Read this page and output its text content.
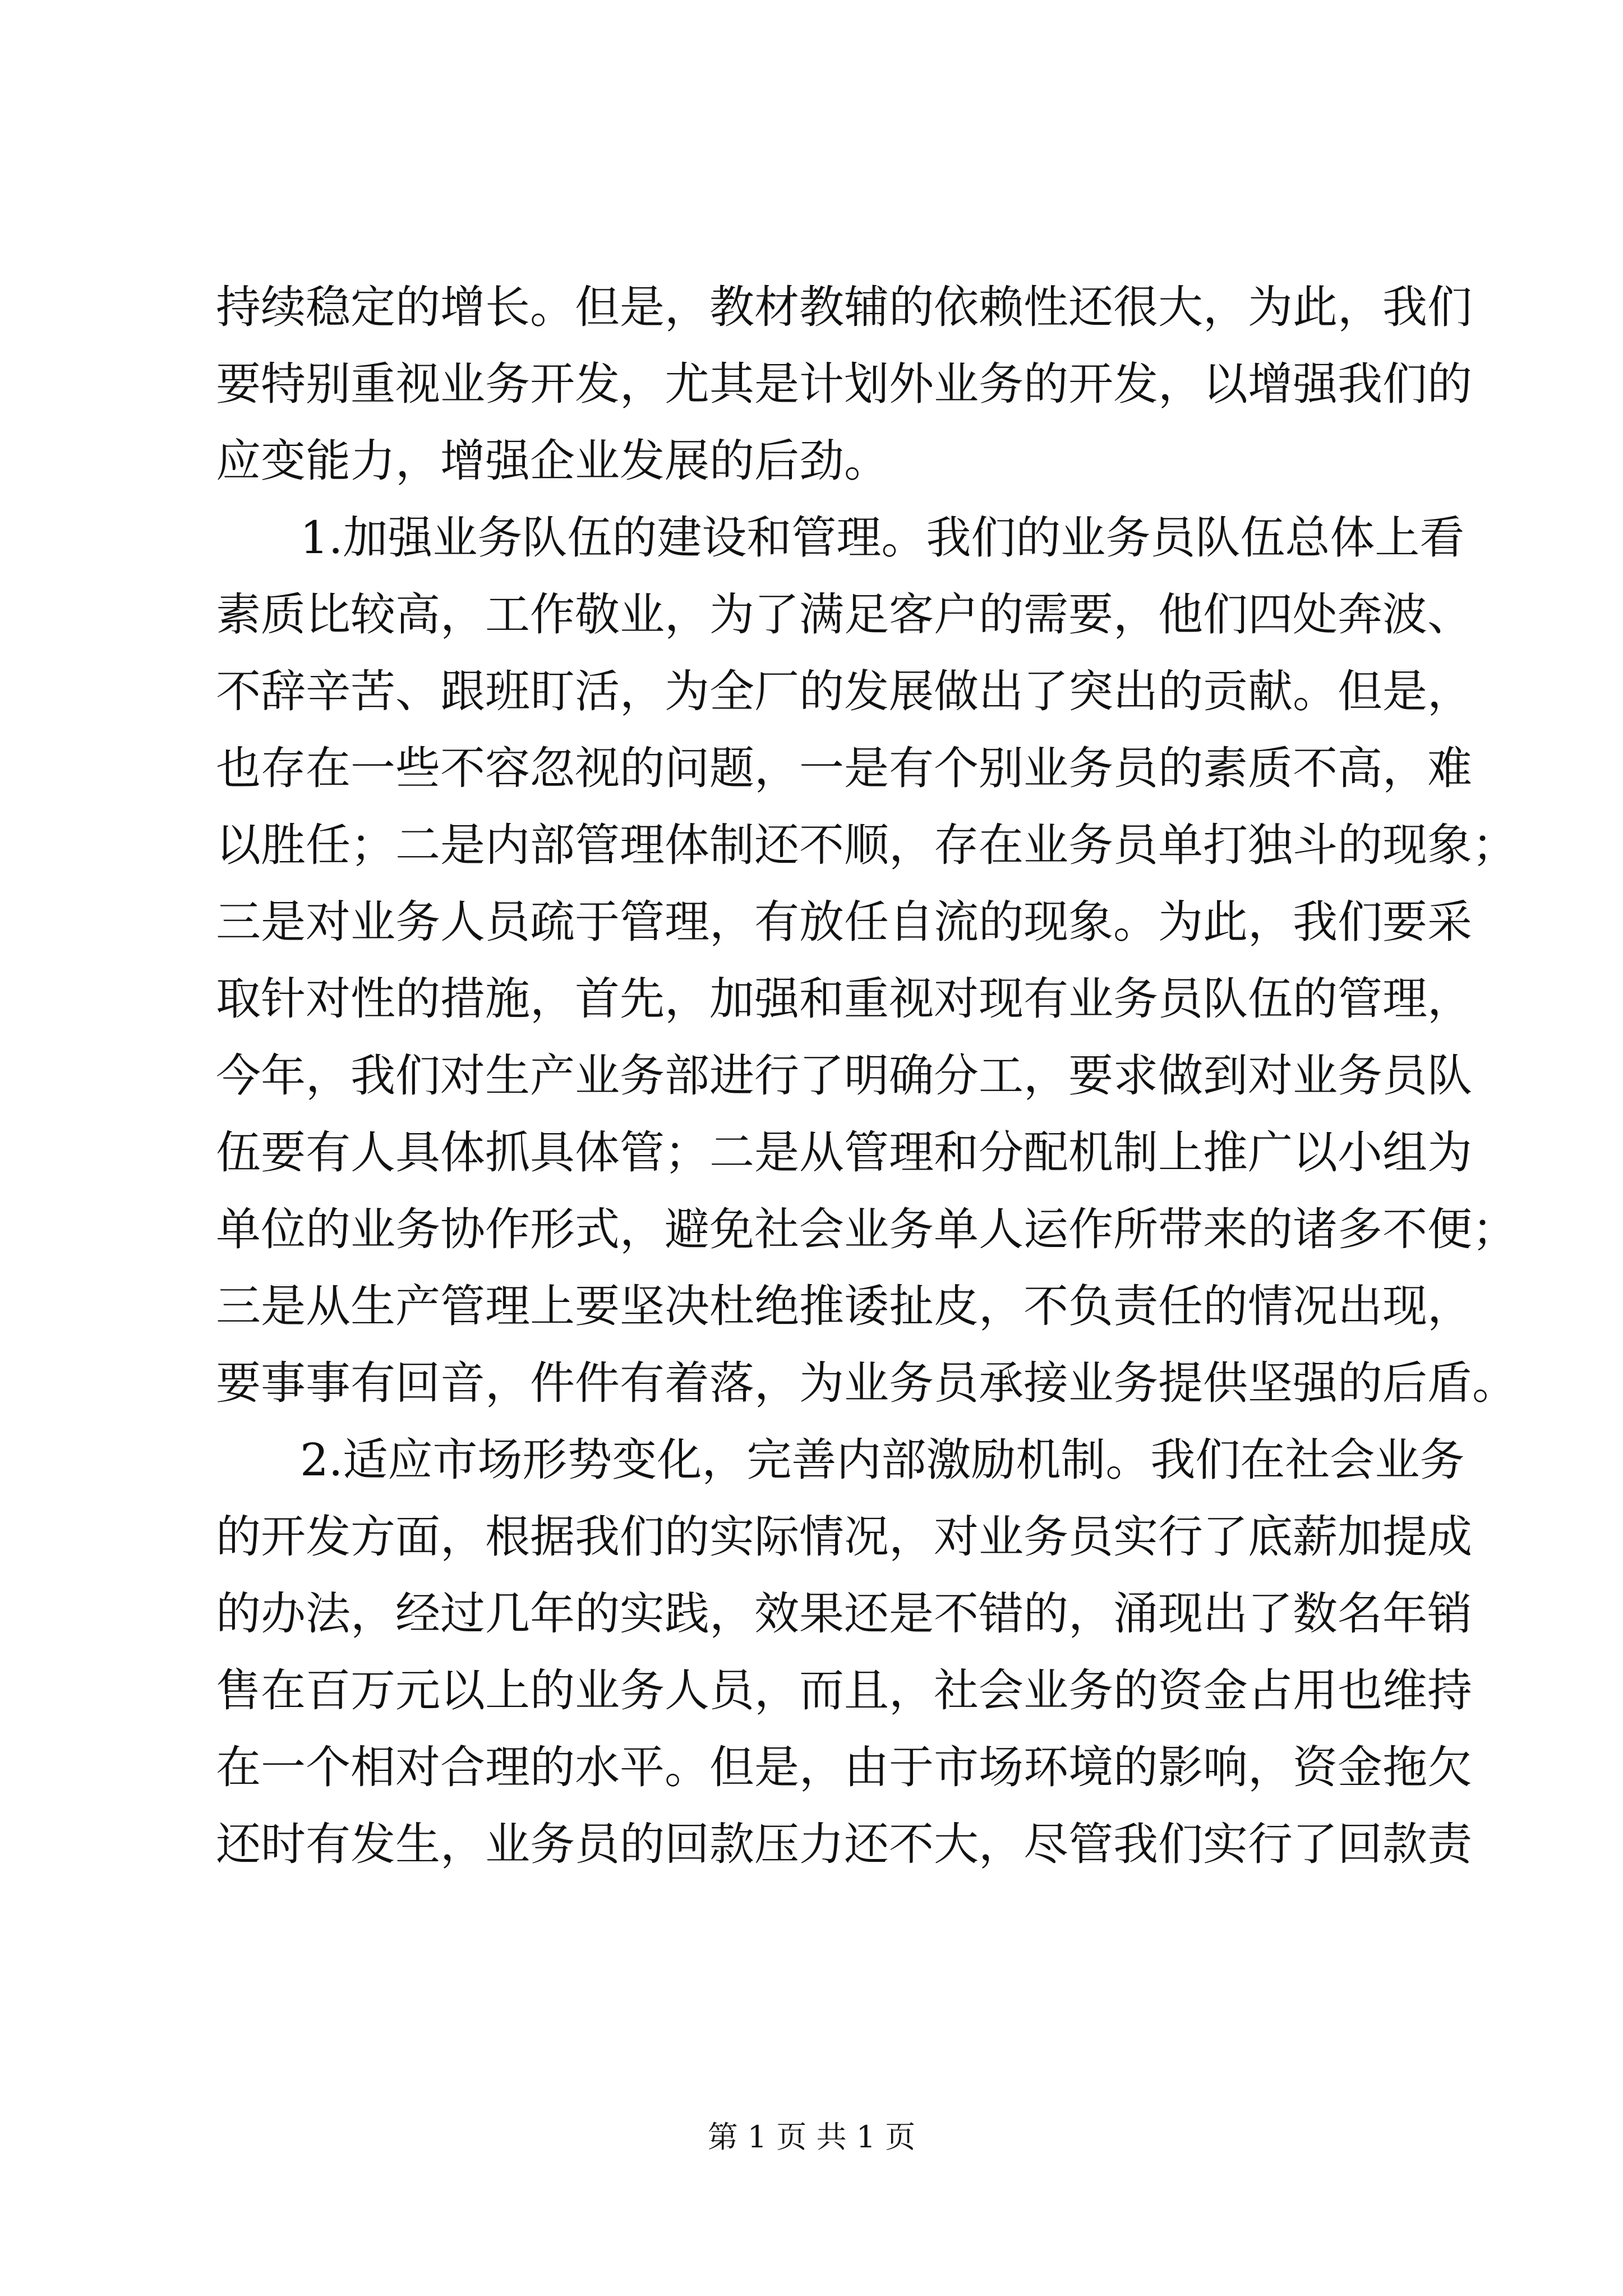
持续稳定的增长。但是，教材教辅的依赖性还很大，为此，我们
要特别重视业务开发，尤其是计划外业务的开发，以增强我们的
应变能力，增强企业发展的后劲。
1.加强业务队伍的建设和管理。我们的业务员队伍总体上看
素质比较高，工作敬业，为了满足客户的需要，他们四处奔波、
不辞辛苦、跟班盯活，为全厂的发展做出了突出的贡献。但是，
也存在一些不容忽视的问题，一是有个别业务员的素质不高，难
以胜任；二是内部管理体制还不顺，存在业务员单打独斗的现象；
三是对业务人员疏于管理，有放任自流的现象。为此，我们要采
取针对性的措施，首先，加强和重视对现有业务员队伍的管理，
今年，我们对生产业务部进行了明确分工，要求做到对业务员队
伍要有人具体抓具体管；二是从管理和分配机制上推广以小组为
单位的业务协作形式，避免社会业务单人运作所带来的诸多不便；
三是从生产管理上要坚决杜绝推诿扯皮，不负责任的情况出现，
要事事有回音，件件有着落，为业务员承接业务提供坚强的后盾。
2.适应市场形势变化，完善内部激励机制。我们在社会业务
的开发方面，根据我们的实际情况，对业务员实行了底薪加提成
的办法，经过几年的实践，效果还是不错的，涌现出了数名年销
售在百万元以上的业务人员，而且，社会业务的资金占用也维持
在一个相对合理的水平。但是，由于市场环境的影响，资金拖欠
还时有发生，业务员的回款压力还不大，尽管我们实行了回款责
第 1 页 共 1 页
